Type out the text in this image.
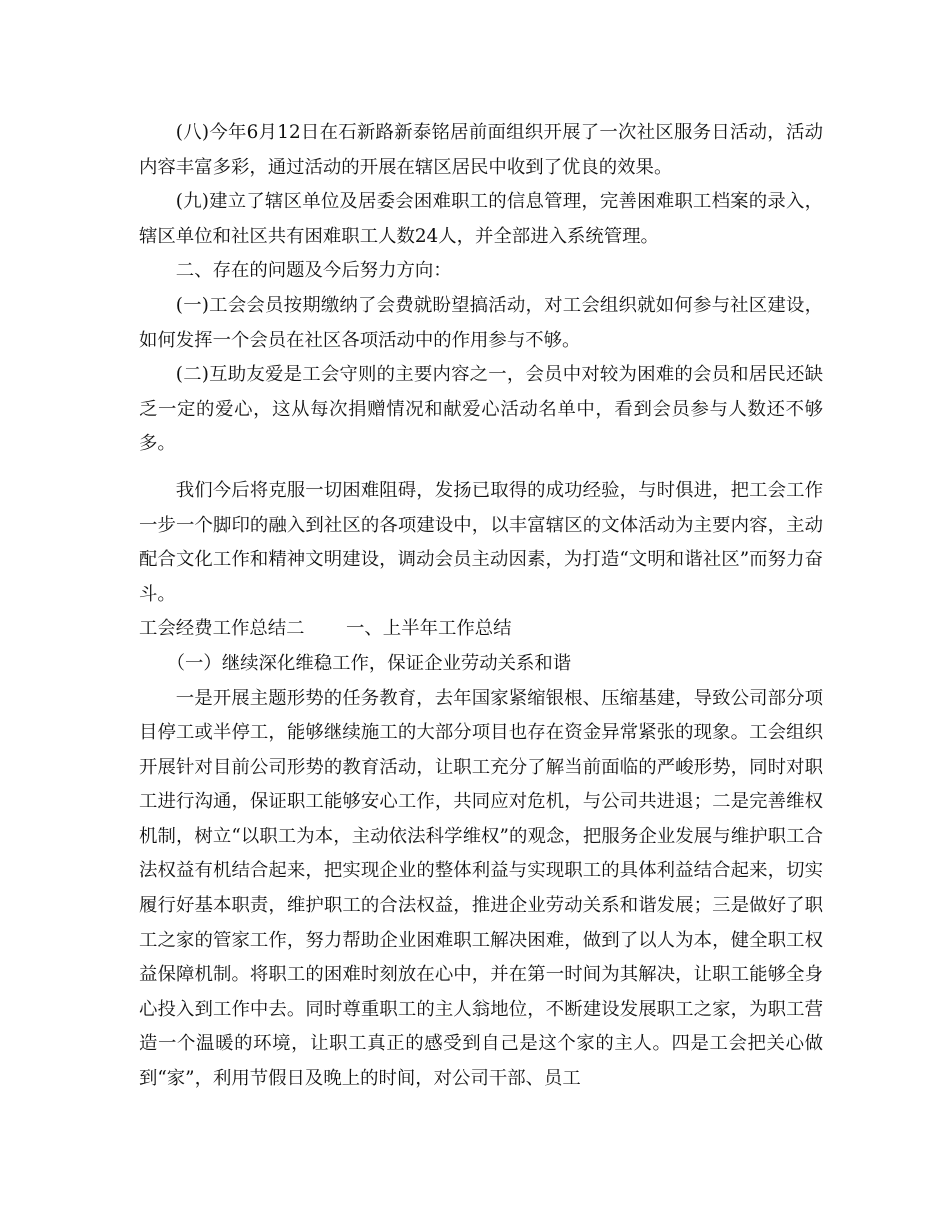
(八)今年6月12日在石新路新泰铭居前面组织开展了一次社区服务日活动，活动内容丰富多彩，通过活动的开展在辖区居民中收到了优良的效果。

(九)建立了辖区单位及居委会困难职工的信息管理，完善困难职工档案的录入，辖区单位和社区共有困难职工人数24人，并全部进入系统管理。

二、存在的问题及今后努力方向：

(一)工会会员按期缴纳了会费就盼望搞活动，对工会组织就如何参与社区建设，如何发挥一个会员在社区各项活动中的作用参与不够。

(二)互助友爱是工会守则的主要内容之一，会员中对较为困难的会员和居民还缺乏一定的爱心，这从每次捐赠情况和献爱心活动名单中，看到会员参与人数还不够多。

我们今后将克服一切困难阻碍，发扬已取得的成功经验，与时俱进，把工会工作一步一个脚印的融入到社区的各项建设中，以丰富辖区的文体活动为主要内容，主动配合文化工作和精神文明建设，调动会员主动因素，为打造“文明和谐社区”而努力奋斗。

工会经费工作总结二 一、上半年工作总结

（一）继续深化维稳工作，保证企业劳动关系和谐

一是开展主题形势的任务教育，去年国家紧缩银根、压缩基建，导致公司部分项目停工或半停工，能够继续施工的大部分项目也存在资金异常紧张的现象。工会组织开展针对目前公司形势的教育活动，让职工充分了解当前面临的严峻形势，同时对职工进行沟通，保证职工能够安心工作，共同应对危机，与公司共进退；二是完善维权机制，树立“以职工为本，主动依法科学维权”的观念，把服务企业发展与维护职工合法权益有机结合起来，把实现企业的整体利益与实现职工的具体利益结合起来，切实履行好基本职责，维护职工的合法权益，推进企业劳动关系和谐发展；三是做好了职工之家的管家工作，努力帮助企业困难职工解决困难，做到了以人为本，健全职工权益保障机制。将职工的困难时刻放在心中，并在第一时间为其解决，让职工能够全身心投入到工作中去。同时尊重职工的主人翁地位，不断建设发展职工之家，为职工营造一个温暖的环境，让职工真正的感受到自己是这个家的主人。四是工会把关心做到“家”，利用节假日及晚上的时间，对公司干部、员工
